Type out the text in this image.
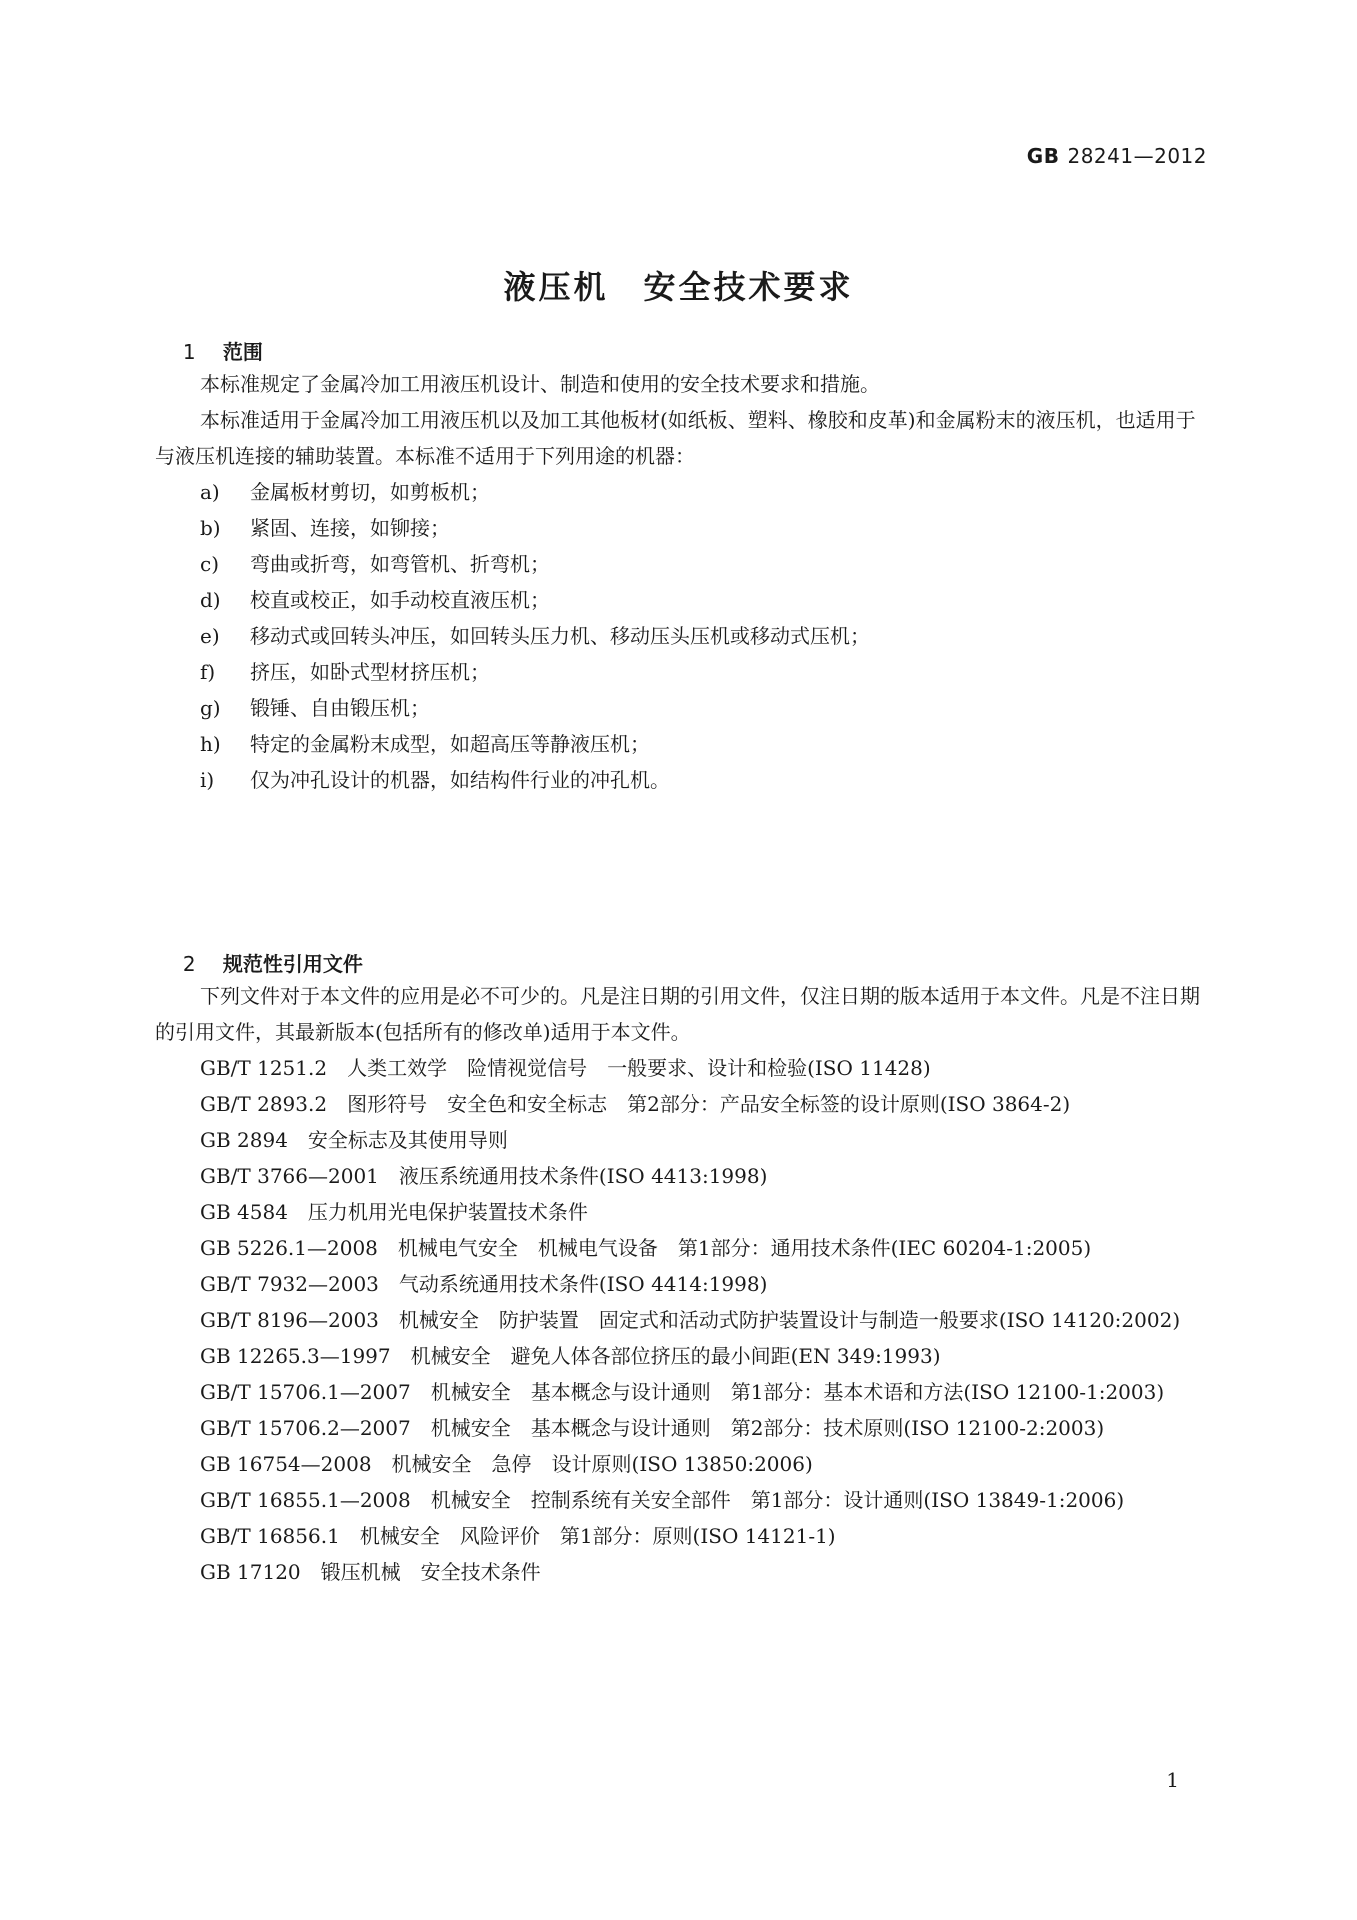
GB 28241—2012
液压机　安全技术要求

1 范围

本标准规定了金属冷加工用液压机设计、制造和使用的安全技术要求和措施。
本标准适用于金属冷加工用液压机以及加工其他板材(如纸板、塑料、橡胶和皮革)和金属粉末的液压机，也适用于与液压机连接的辅助装置。本标准不适用于下列用途的机器：
a) 金属板材剪切，如剪板机；
b) 紧固、连接，如铆接；
c) 弯曲或折弯，如弯管机、折弯机；
d) 校直或校正，如手动校直液压机；
e) 移动式或回转头冲压，如回转头压力机、移动压头压机或移动式压机；
f) 挤压，如卧式型材挤压机；
g) 锻锤、自由锻压机；
h) 特定的金属粉末成型，如超高压等静液压机；
i) 仅为冲孔设计的机器，如结构件行业的冲孔机。

2 规范性引用文件

下列文件对于本文件的应用是必不可少的。凡是注日期的引用文件，仅注日期的版本适用于本文件。凡是不注日期的引用文件，其最新版本(包括所有的修改单)适用于本文件。
GB/T 1251.2　人类工效学　险情视觉信号　一般要求、设计和检验(ISO 11428)
GB/T 2893.2　图形符号　安全色和安全标志　第2部分：产品安全标签的设计原则(ISO 3864-2)
GB 2894　安全标志及其使用导则
GB/T 3766—2001　液压系统通用技术条件(ISO 4413:1998)
GB 4584　压力机用光电保护装置技术条件
GB 5226.1—2008　机械电气安全　机械电气设备　第1部分：通用技术条件(IEC 60204-1:2005)
GB/T 7932—2003　气动系统通用技术条件(ISO 4414:1998)
GB/T 8196—2003　机械安全　防护装置　固定式和活动式防护装置设计与制造一般要求(ISO 14120:2002)
GB 12265.3—1997　机械安全　避免人体各部位挤压的最小间距(EN 349:1993)
GB/T 15706.1—2007　机械安全　基本概念与设计通则　第1部分：基本术语和方法(ISO 12100-1:2003)
GB/T 15706.2—2007　机械安全　基本概念与设计通则　第2部分：技术原则(ISO 12100-2:2003)
GB 16754—2008　机械安全　急停　设计原则(ISO 13850:2006)
GB/T 16855.1—2008　机械安全　控制系统有关安全部件　第1部分：设计通则(ISO 13849-1:2006)
GB/T 16856.1　机械安全　风险评价　第1部分：原则(ISO 14121-1)
GB 17120　锻压机械　安全技术条件
1
